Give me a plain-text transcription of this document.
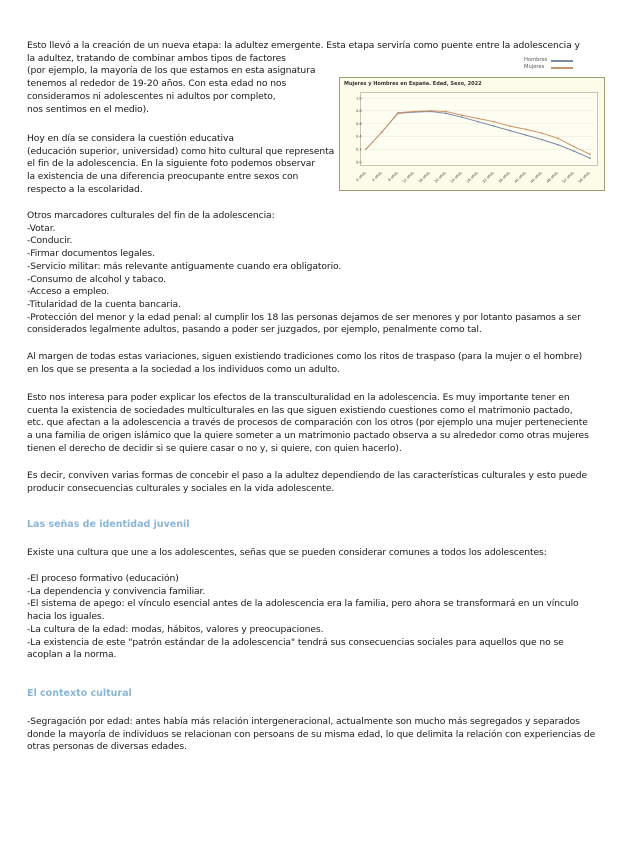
Esto llevó a la creación de un nueva etapa: la adultez emergente. Esta etapa serviría como puente entre la adolescencia y
la adultez, tratando de combinar ambos tipos de factores
(por ejemplo, la mayoría de los que estamos en esta asignatura
tenemos al rededor de 19-20 años. Con esta edad no nos
consideramos ni adolescentes ni adultos por completo,
nos sentimos en el medio).
Hoy en día se considera la cuestión educativa
(educación superior, universidad) como hito cultural que representa
el fin de la adolescencia. En la siguiente foto podemos observar
la existencia de una diferencia preocupante entre sexos con
respecto a la escolaridad.
Otros marcadores culturales del fin de la adolescencia:
-Votar.
-Conducir.
-Firmar documentos legales.
-Servicio militar: más relevante antiguamente cuando era obligatorio.
-Consumo de alcohol y tabaco.
-Acceso a empleo.
-Titularidad de la cuenta bancaria.
-Protección del menor y la edad penal: al cumplir los 18 las personas dejamos de ser menores y por lotanto pasamos a ser
considerados legalmente adultos, pasando a poder ser juzgados, por ejemplo, penalmente como tal.
Al margen de todas estas variaciones, siguen existiendo tradiciones como los ritos de traspaso (para la mujer o el hombre)
en los que se presenta a la sociedad a los individuos como un adulto.
Esto nos interesa para poder explicar los efectos de la transculturalidad en la adolescencia. Es muy importante tener en
cuenta la existencia de sociedades multiculturales en las que siguen existiendo cuestiones como el matrimonio pactado,
etc. que afectan a la adolescencia a través de procesos de comparación con los otros (por ejemplo una mujer perteneciente
a una familia de origen islámico que la quiere someter a un matrimonio pactado observa a su alrededor como otras mujeres
tienen el derecho de decidir si se quiere casar o no y, si quiere, con quien hacerlo).
Es decir, conviven varias formas de concebir el paso a la adultez dependiendo de las características culturales y esto puede
producir consecuencias culturales y sociales en la vida adolescente.
Las señas de identidad juvenil
Existe una cultura que une a los adolescentes, señas que se pueden considerar comunes a todos los adolescentes:
-El proceso formativo (educación)
-La dependencia y convivencia familiar.
-El sistema de apego: el vínculo esencial antes de la adolescencia era la familia, pero ahora se transformará en un vínculo
hacia los iguales.
-La cultura de la edad: modas, hábitos, valores y preocupaciones.
-La existencia de este "patrón estándar de la adolescencia" tendrá sus consecuencias sociales para aquellos que no se
acoplan a la norma.
El contexto cultural
-Segragación por edad: antes había más relación intergeneracional, actualmente son mucho más segregados y separados
donde la mayoría de individuos se relacionan con persoans de su misma edad, lo que delimita la relación con experiencias de
otras personas de diversas edades.
Hombres
Mujeres

Mujeres y Hombres en España. Edad, Sexo, 2022

1.0
0.8
0.6
0.4
0.2
0.0
0 años 4 años 8 años 12 años 16 años 20 años 24 años 28 años 32 años 36 años 40 años 44 años 48 años 52 años 56 años
